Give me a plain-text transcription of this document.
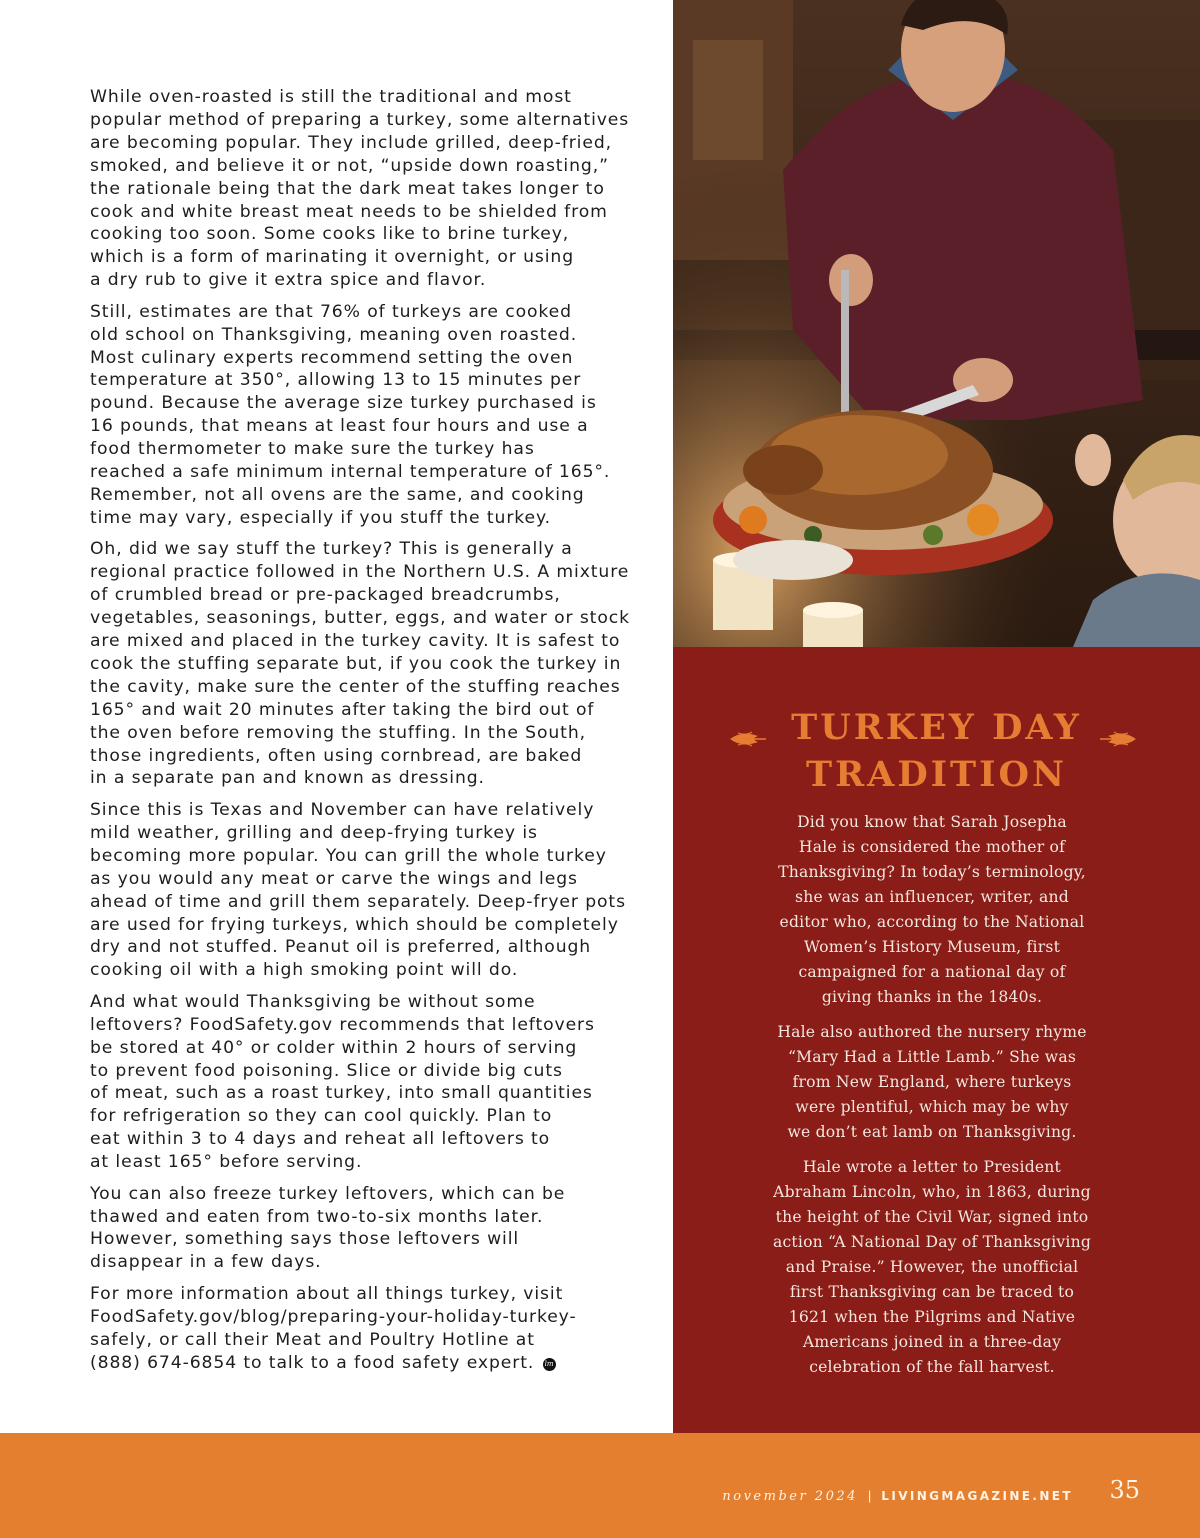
While oven-roasted is still the traditional and most
popular method of preparing a turkey, some alternatives
are becoming popular. They include grilled, deep-fried,
smoked, and believe it or not, “upside down roasting,”
the rationale being that the dark meat takes longer to
cook and white breast meat needs to be shielded from
cooking too soon. Some cooks like to brine turkey,
which is a form of marinating it overnight, or using
a dry rub to give it extra spice and flavor.

Still, estimates are that 76% of turkeys are cooked
old school on Thanksgiving, meaning oven roasted.
Most culinary experts recommend setting the oven
temperature at 350°, allowing 13 to 15 minutes per
pound. Because the average size turkey purchased is
16 pounds, that means at least four hours and use a
food thermometer to make sure the turkey has
reached a safe minimum internal temperature of 165°.
Remember, not all ovens are the same, and cooking
time may vary, especially if you stuff the turkey.

Oh, did we say stuff the turkey? This is generally a
regional practice followed in the Northern U.S. A mixture
of crumbled bread or pre-packaged breadcrumbs,
vegetables, seasonings, butter, eggs, and water or stock
are mixed and placed in the turkey cavity. It is safest to
cook the stuffing separate but, if you cook the turkey in
the cavity, make sure the center of the stuffing reaches
165° and wait 20 minutes after taking the bird out of
the oven before removing the stuffing. In the South,
those ingredients, often using cornbread, are baked
in a separate pan and known as dressing.

Since this is Texas and November can have relatively
mild weather, grilling and deep-frying turkey is
becoming more popular. You can grill the whole turkey
as you would any meat or carve the wings and legs
ahead of time and grill them separately. Deep-fryer pots
are used for frying turkeys, which should be completely
dry and not stuffed. Peanut oil is preferred, although
cooking oil with a high smoking point will do.

And what would Thanksgiving be without some
leftovers? FoodSafety.gov recommends that leftovers
be stored at 40° or colder within 2 hours of serving
to prevent food poisoning. Slice or divide big cuts
of meat, such as a roast turkey, into small quantities
for refrigeration so they can cool quickly. Plan to
eat within 3 to 4 days and reheat all leftovers to
at least 165° before serving.

You can also freeze turkey leftovers, which can be
thawed and eaten from two-to-six months later.
However, something says those leftovers will
disappear in a few days.

For more information about all things turkey, visit
FoodSafety.gov/blog/preparing-your-holiday-turkey-
safely, or call their Meat and Poultry Hotline at
(888) 674-6854 to talk to a food safety expert. lm

TURKEY DAY
TRADITION

Did you know that Sarah Josepha
Hale is considered the mother of
Thanksgiving? In today’s terminology,
she was an influencer, writer, and
editor who, according to the National
Women’s History Museum, first
campaigned for a national day of
giving thanks in the 1840s.

Hale also authored the nursery rhyme
“Mary Had a Little Lamb.” She was
from New England, where turkeys
were plentiful, which may be why
we don’t eat lamb on Thanksgiving.

Hale wrote a letter to President
Abraham Lincoln, who, in 1863, during
the height of the Civil War, signed into
action “A National Day of Thanksgiving
and Praise.” However, the unofficial
first Thanksgiving can be traced to
1621 when the Pilgrims and Native
Americans joined in a three-day
celebration of the fall harvest.

november 2024 | LIVINGMAGAZINE.NET 35
